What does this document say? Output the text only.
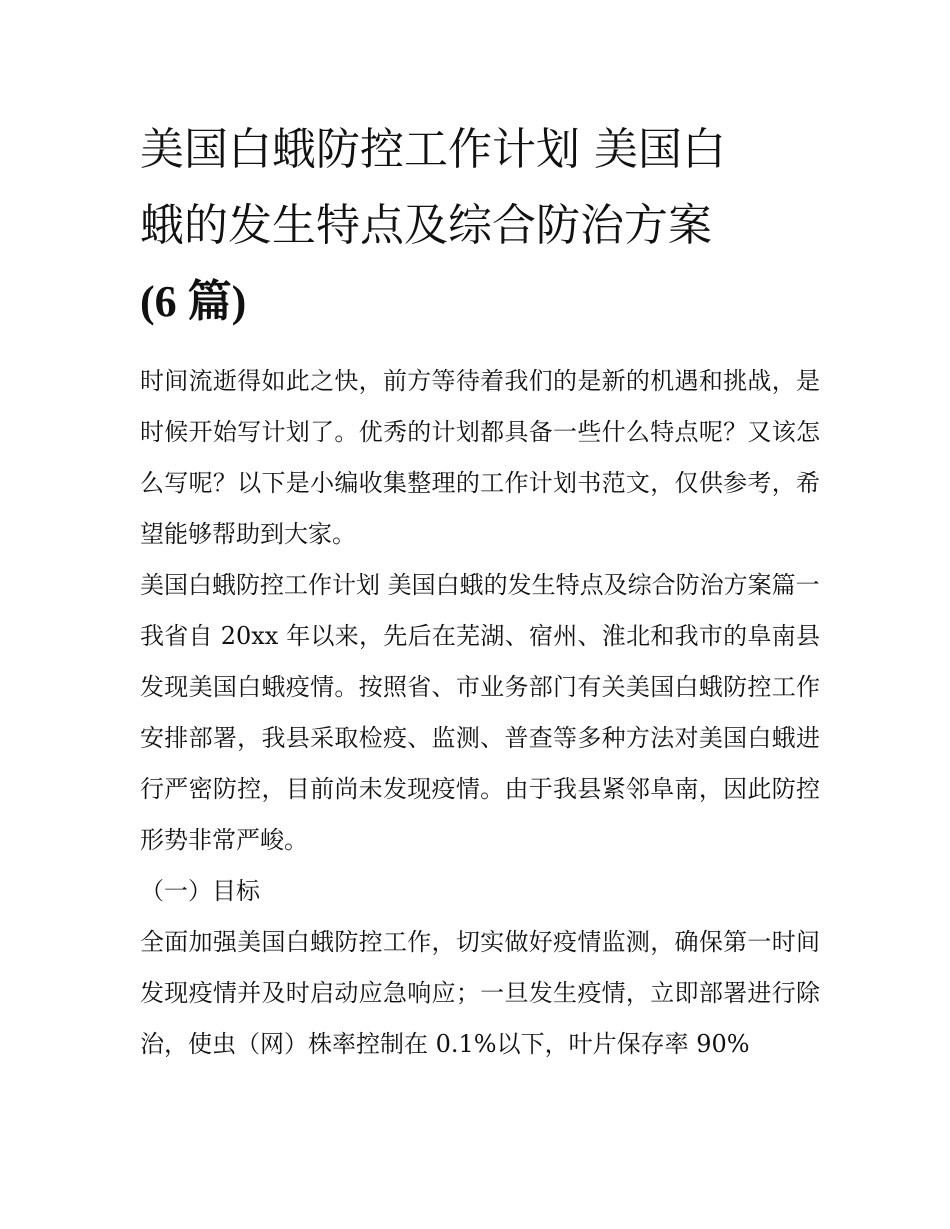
美国白蛾防控工作计划 美国白
蛾的发生特点及综合防治方案
(6 篇)

时间流逝得如此之快，前方等待着我们的是新的机遇和挑战，是时候开始写计划了。优秀的计划都具备一些什么特点呢？又该怎么写呢？以下是小编收集整理的工作计划书范文，仅供参考，希望能够帮助到大家。

美国白蛾防控工作计划 美国白蛾的发生特点及综合防治方案篇一

我省自 20xx 年以来，先后在芜湖、宿州、淮北和我市的阜南县发现美国白蛾疫情。按照省、市业务部门有关美国白蛾防控工作安排部署，我县采取检疫、监测、普查等多种方法对美国白蛾进行严密防控，目前尚未发现疫情。由于我县紧邻阜南，因此防控形势非常严峻。

（一）目标

全面加强美国白蛾防控工作，切实做好疫情监测，确保第一时间发现疫情并及时启动应急响应；一旦发生疫情，立即部署进行除治，使虫（网）株率控制在 0.1%以下，叶片保存率 90%
